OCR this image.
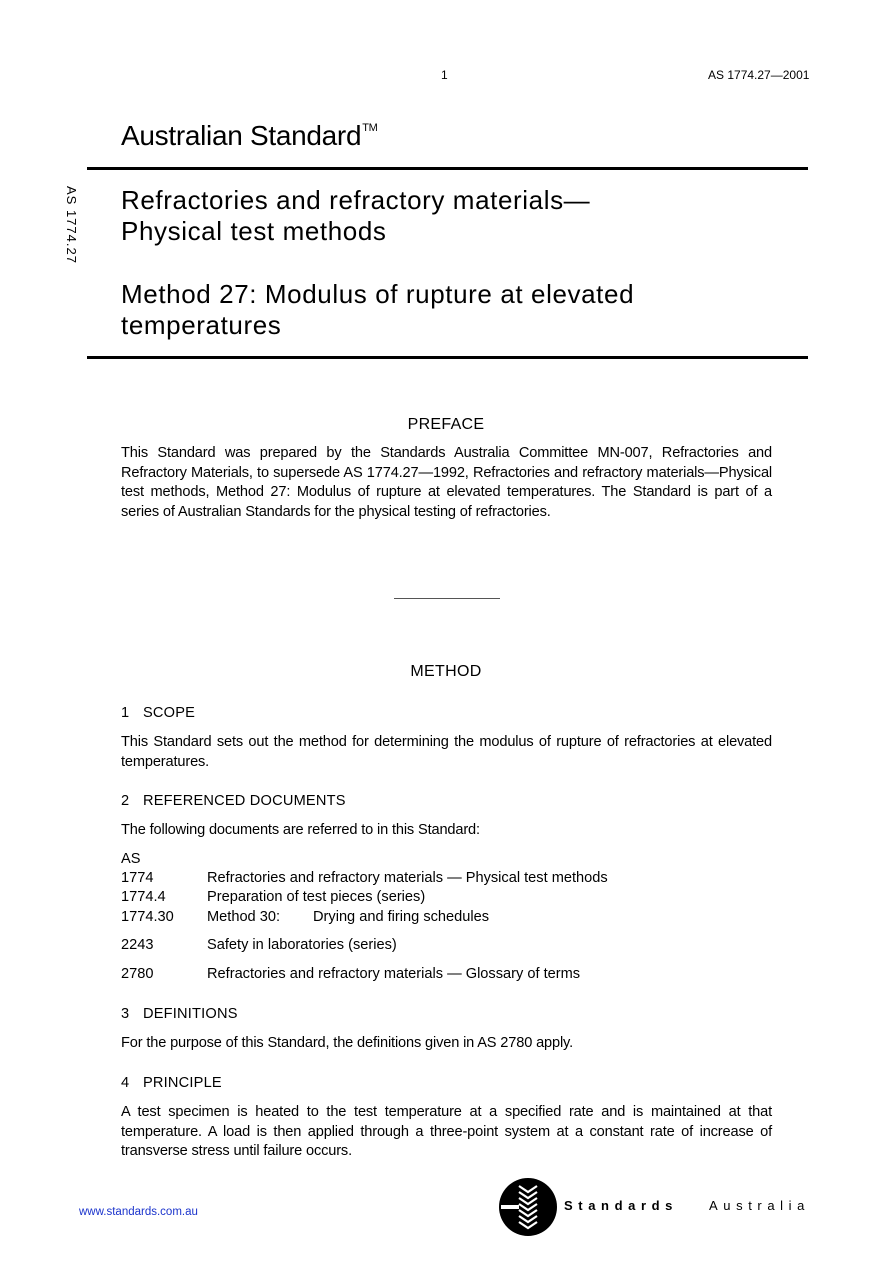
1	AS 1774.27—2001
Australian Standard™
AS 1774.27 Refractories and refractory materials—
Physical test methods
Method 27: Modulus of rupture at elevated
temperatures
PREFACE
This Standard was prepared by the Standards Australia Committee MN-007, Refractories and Refractory Materials, to supersede AS 1774.27—1992, Refractories and refractory materials—Physical test methods, Method 27: Modulus of rupture at elevated temperatures. The Standard is part of a series of Australian Standards for the physical testing of refractories.
METHOD
1 SCOPE
This Standard sets out the method for determining the modulus of rupture of refractories at elevated temperatures.
2 REFERENCED DOCUMENTS
The following documents are referred to in this Standard:
AS
1774	Refractories and refractory materials — Physical test methods
1774.4	Preparation of test pieces (series)
1774.30 Method 30: Drying and firing schedules
2243	Safety in laboratories (series)
2780	Refractories and refractory materials — Glossary of terms
3 DEFINITIONS
For the purpose of this Standard, the definitions given in AS 2780 apply.
4 PRINCIPLE
A test specimen is heated to the test temperature at a specified rate and is maintained at that temperature. A load is then applied through a three-point system at a constant rate of increase of transverse stress until failure occurs.
www.standards.com.au	Standards Australia
